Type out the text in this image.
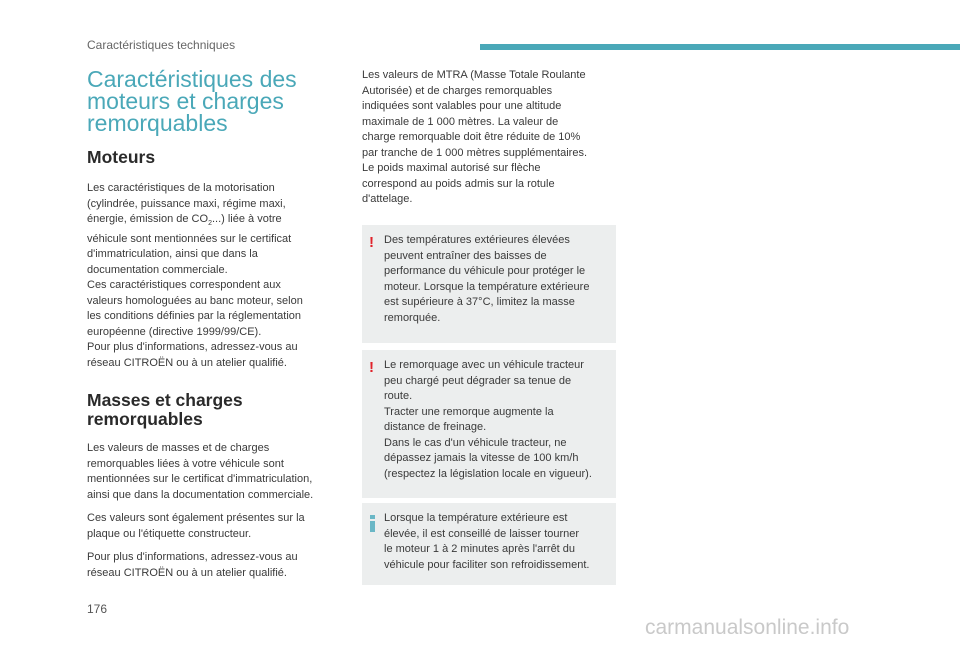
Caractéristiques techniques
Caractéristiques des
moteurs et charges
remorquables
Moteurs

Les caractéristiques de la motorisation
(cylindrée, puissance maxi, régime maxi,
énergie, émission de $CO_2$...) liée à votre
véhicule sont mentionnées sur le certificat
d'immatriculation, ainsi que dans la
documentation commerciale.
Ces caractéristiques correspondent aux
valeurs homologuées au banc moteur, selon
les conditions définies par la réglementation
européenne (directive 1999/99/CE).
Pour plus d'informations, adressez-vous au
réseau CITROËN ou à un atelier qualifié.

Masses et charges
remorquables

Les valeurs de masses et de charges
remorquables liées à votre véhicule sont
mentionnées sur le certificat d'immatriculation,
ainsi que dans la documentation commerciale.

Ces valeurs sont également présentes sur la
plaque ou l'étiquette constructeur.

Pour plus d'informations, adressez-vous au
réseau CITROËN ou à un atelier qualifié.

Les valeurs de MTRA (Masse Totale Roulante
Autorisée) et de charges remorquables
indiquées sont valables pour une altitude
maximale de 1 000 mètres. La valeur de
charge remorquable doit être réduite de 10%
par tranche de 1 000 mètres supplémentaires.
Le poids maximal autorisé sur flèche
correspond au poids admis sur la rotule
d'attelage.

! Des températures extérieures élevées
peuvent entraîner des baisses de
performance du véhicule pour protéger le
moteur. Lorsque la température extérieure
est supérieure à 37°C, limitez la masse
remorquée.

! Le remorquage avec un véhicule tracteur
peu chargé peut dégrader sa tenue de
route.
Tracter une remorque augmente la
distance de freinage.
Dans le cas d'un véhicule tracteur, ne
dépassez jamais la vitesse de 100 km/h
(respectez la législation locale en vigueur).

Lorsque la température extérieure est
élevée, il est conseillé de laisser tourner
le moteur 1 à 2 minutes après l'arrêt du
véhicule pour faciliter son refroidissement.

176
carmanualsonline.info
